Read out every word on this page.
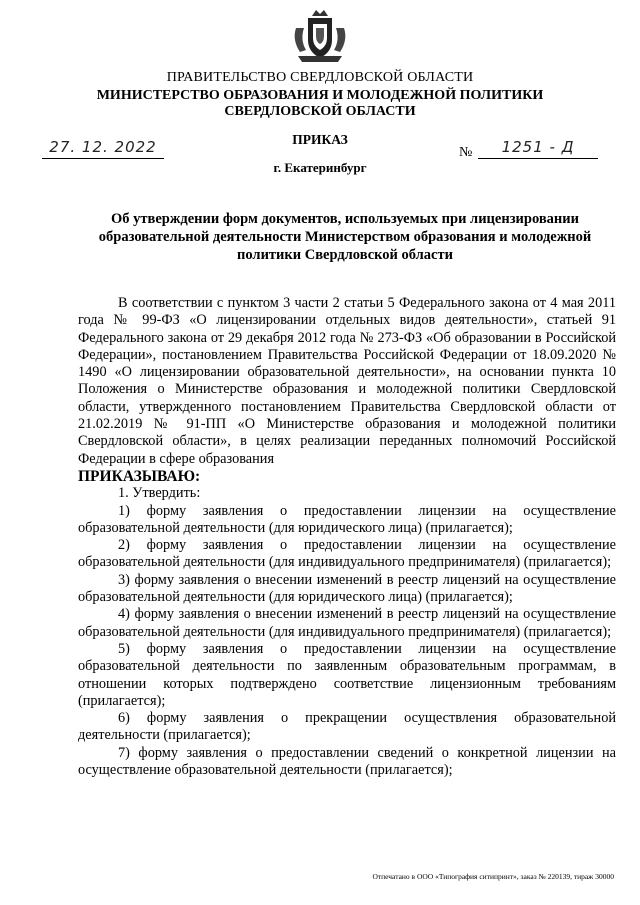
ПРАВИТЕЛЬСТВО СВЕРДЛОВСКОЙ ОБЛАСТИ
МИНИСТЕРСТВО ОБРАЗОВАНИЯ И МОЛОДЕЖНОЙ ПОЛИТИКИ
СВЕРДЛОВСКОЙ ОБЛАСТИ
ПРИКАЗ
27. 12. 2022	№	1251 - Д
г. Екатеринбург
Об утверждении форм документов, используемых при лицензировании образовательной деятельности Министерством образования и молодежной политики Свердловской области

В соответствии с пунктом 3 части 2 статьи 5 Федерального закона от 4 мая 2011 года № 99-ФЗ «О лицензировании отдельных видов деятельности», статьей 91 Федерального закона от 29 декабря 2012 года № 273-ФЗ «Об образовании в Российской Федерации», постановлением Правительства Российской Федерации от 18.09.2020 № 1490 «О лицензировании образовательной деятельности», на основании пункта 10 Положения о Министерстве образования и молодежной политики Свердловской области, утвержденного постановлением Правительства Свердловской области от 21.02.2019 № 91-ПП «О Министерстве образования и молодежной политики Свердловской области», в целях реализации переданных полномочий Российской Федерации в сфере образования

ПРИКАЗЫВАЮ:

1. Утвердить:

1) форму заявления о предоставлении лицензии на осуществление образовательной деятельности (для юридического лица) (прилагается);

2) форму заявления о предоставлении лицензии на осуществление образовательной деятельности (для индивидуального предпринимателя) (прилагается);

3) форму заявления о внесении изменений в реестр лицензий на осуществление образовательной деятельности (для юридического лица) (прилагается);

4) форму заявления о внесении изменений в реестр лицензий на осуществление образовательной деятельности (для индивидуального предпринимателя) (прилагается);

5) форму заявления о предоставлении лицензии на осуществление образовательной деятельности по заявленным образовательным программам, в отношении которых подтверждено соответствие лицензионным требованиям (прилагается);

6) форму заявления о прекращении осуществления образовательной деятельности (прилагается);

7) форму заявления о предоставлении сведений о конкретной лицензии на осуществление образовательной деятельности (прилагается);

Отпечатано в ООО «Типография ситипринт», заказ № 220139, тираж 30000
